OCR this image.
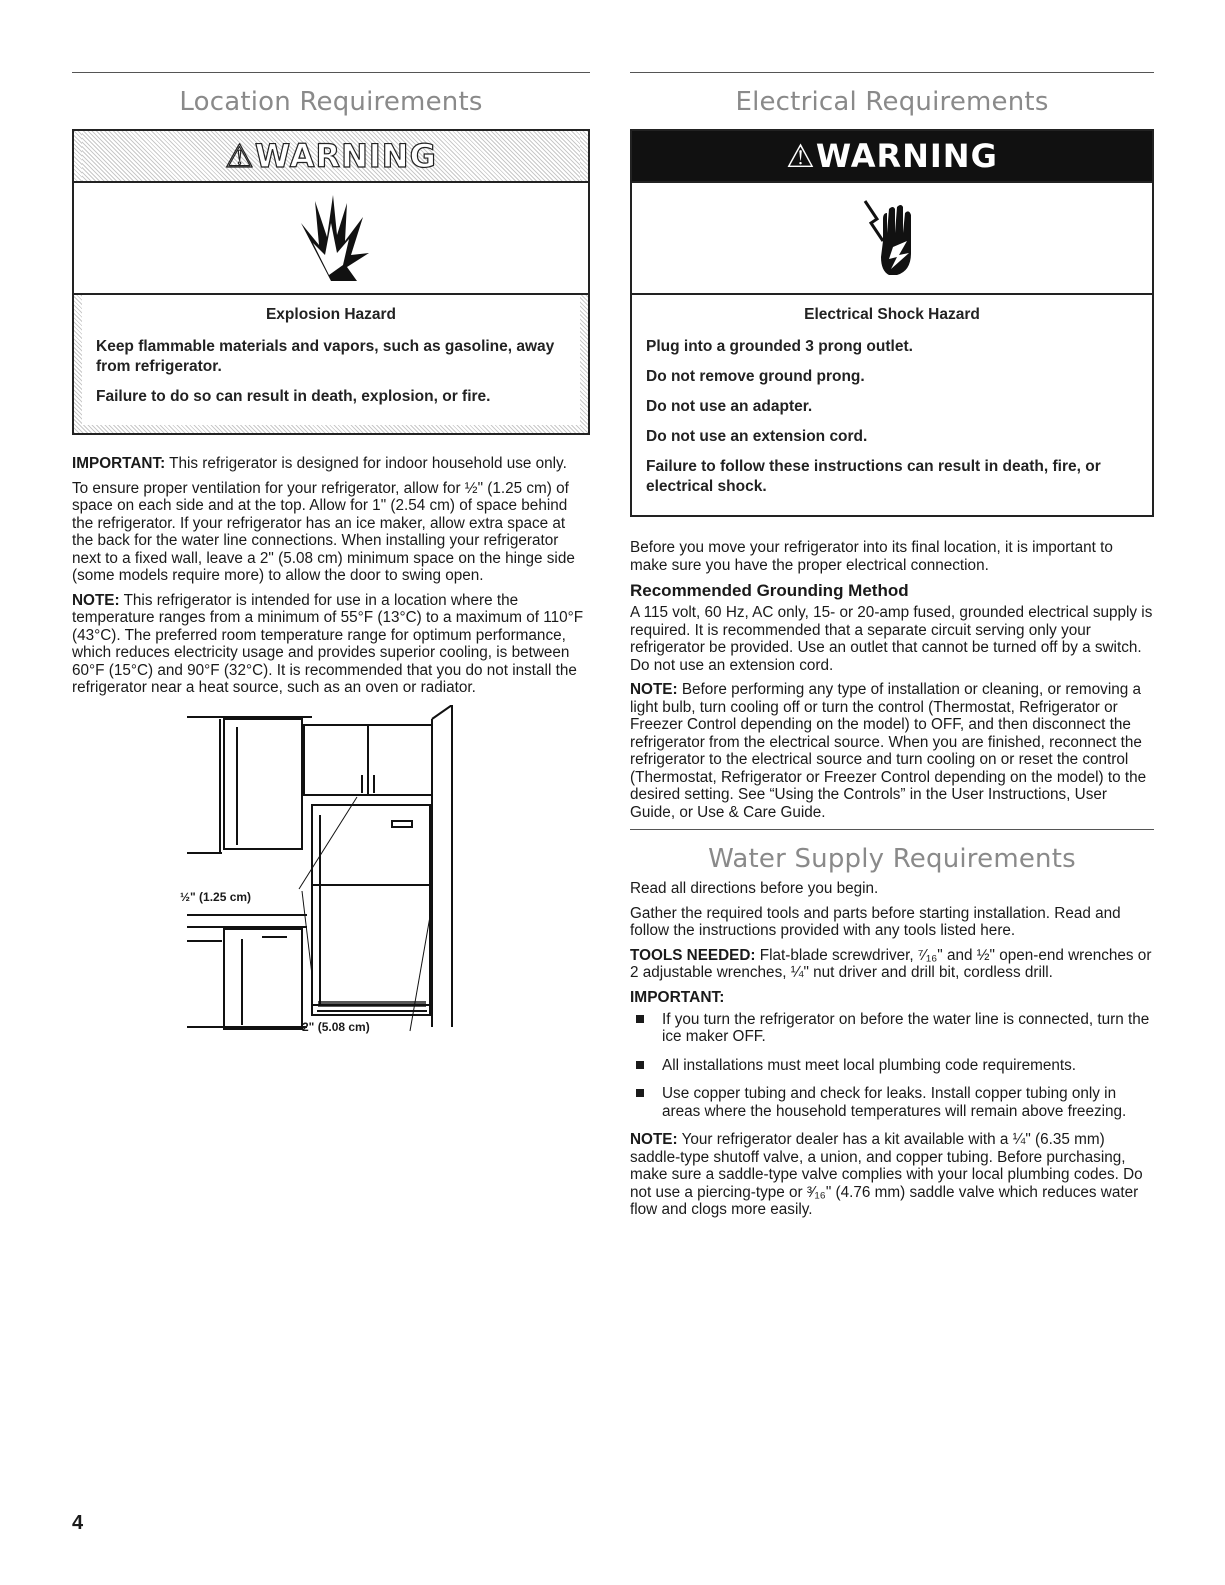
Location Requirements
⚠WARNING

Explosion Hazard

Keep flammable materials and vapors, such as gasoline, away from refrigerator.

Failure to do so can result in death, explosion, or fire.

IMPORTANT: This refrigerator is designed for indoor household use only.

To ensure proper ventilation for your refrigerator, allow for ½" (1.25 cm) of space on each side and at the top. Allow for 1" (2.54 cm) of space behind the refrigerator. If your refrigerator has an ice maker, allow extra space at the back for the water line connections. When installing your refrigerator next to a fixed wall, leave a 2" (5.08 cm) minimum space on the hinge side (some models require more) to allow the door to swing open.

NOTE: This refrigerator is intended for use in a location where the temperature ranges from a minimum of 55°F (13°C) to a maximum of 110°F (43°C). The preferred room temperature range for optimum performance, which reduces electricity usage and provides superior cooling, is between 60°F (15°C) and 90°F (32°C). It is recommended that you do not install the refrigerator near a heat source, such as an oven or radiator.

½" (1.25 cm)
2" (5.08 cm)
Electrical Requirements
⚠WARNING

Electrical Shock Hazard

Plug into a grounded 3 prong outlet.

Do not remove ground prong.

Do not use an adapter.

Do not use an extension cord.

Failure to follow these instructions can result in death, fire, or electrical shock.

Before you move your refrigerator into its final location, it is important to make sure you have the proper electrical connection.

Recommended Grounding Method

A 115 volt, 60 Hz, AC only, 15- or 20-amp fused, grounded electrical supply is required. It is recommended that a separate circuit serving only your refrigerator be provided. Use an outlet that cannot be turned off by a switch. Do not use an extension cord.

NOTE: Before performing any type of installation or cleaning, or removing a light bulb, turn cooling off or turn the control (Thermostat, Refrigerator or Freezer Control depending on the model) to OFF, and then disconnect the refrigerator from the electrical source. When you are finished, reconnect the refrigerator to the electrical source and turn cooling on or reset the control (Thermostat, Refrigerator or Freezer Control depending on the model) to the desired setting. See “Using the Controls” in the User Instructions, User Guide, or Use & Care Guide.

Water Supply Requirements

Read all directions before you begin.

Gather the required tools and parts before starting installation. Read and follow the instructions provided with any tools listed here.

TOOLS NEEDED: Flat-blade screwdriver, ⁷⁄₁₆" and ½" open-end wrenches or 2 adjustable wrenches, ¼" nut driver and drill bit, cordless drill.

IMPORTANT:
If you turn the refrigerator on before the water line is connected, turn the ice maker OFF.
All installations must meet local plumbing code requirements.
Use copper tubing and check for leaks. Install copper tubing only in areas where the household temperatures will remain above freezing.

NOTE: Your refrigerator dealer has a kit available with a ¼" (6.35 mm) saddle-type shutoff valve, a union, and copper tubing. Before purchasing, make sure a saddle-type valve complies with your local plumbing codes. Do not use a piercing-type or ³⁄₁₆" (4.76 mm) saddle valve which reduces water flow and clogs more easily.

4
